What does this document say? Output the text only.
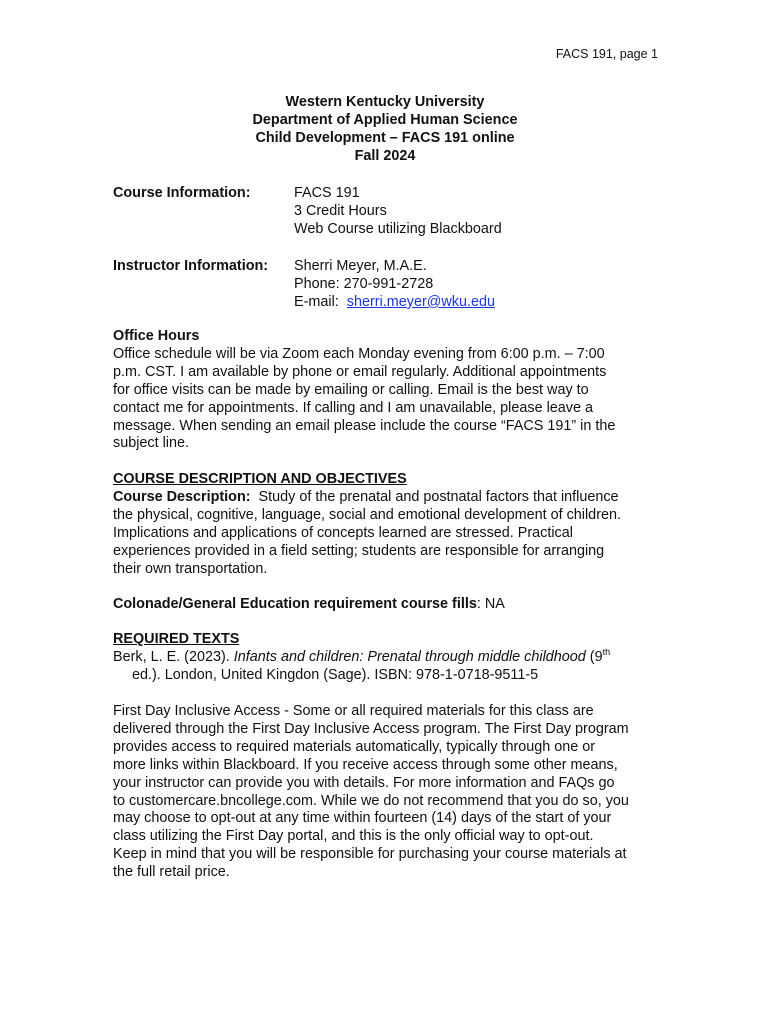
FACS 191, page 1
Western Kentucky University
Department of Applied Human Science
Child Development – FACS 191 online
Fall 2024
Course Information:	FACS 191
3 Credit Hours
Web Course utilizing Blackboard
Instructor Information: Sherri Meyer, M.A.E.
Phone: 270-991-2728
E-mail: sherri.meyer@wku.edu
Office Hours
Office schedule will be via Zoom each Monday evening from 6:00 p.m. – 7:00
p.m. CST. I am available by phone or email regularly. Additional appointments
for office visits can be made by emailing or calling. Email is the best way to
contact me for appointments. If calling and I am unavailable, please leave a
message. When sending an email please include the course “FACS 191” in the
subject line.
COURSE DESCRIPTION AND OBJECTIVES
Course Description:  Study of the prenatal and postnatal factors that influence
the physical, cognitive, language, social and emotional development of children.
Implications and applications of concepts learned are stressed. Practical
experiences provided in a field setting; students are responsible for arranging
their own transportation.
Colonade/General Education requirement course fills: NA
REQUIRED TEXTS
Berk, L. E. (2023). Infants and children: Prenatal through middle childhood (9th
ed.). London, United Kingdon (Sage). ISBN: 978-1-0718-9511-5
First Day Inclusive Access - Some or all required materials for this class are
delivered through the First Day Inclusive Access program. The First Day program
provides access to required materials automatically, typically through one or
more links within Blackboard. If you receive access through some other means,
your instructor can provide you with details. For more information and FAQs go
to customercare.bncollege.com. While we do not recommend that you do so, you
may choose to opt-out at any time within fourteen (14) days of the start of your
class utilizing the First Day portal, and this is the only official way to opt-out.
Keep in mind that you will be responsible for purchasing your course materials at
the full retail price.
